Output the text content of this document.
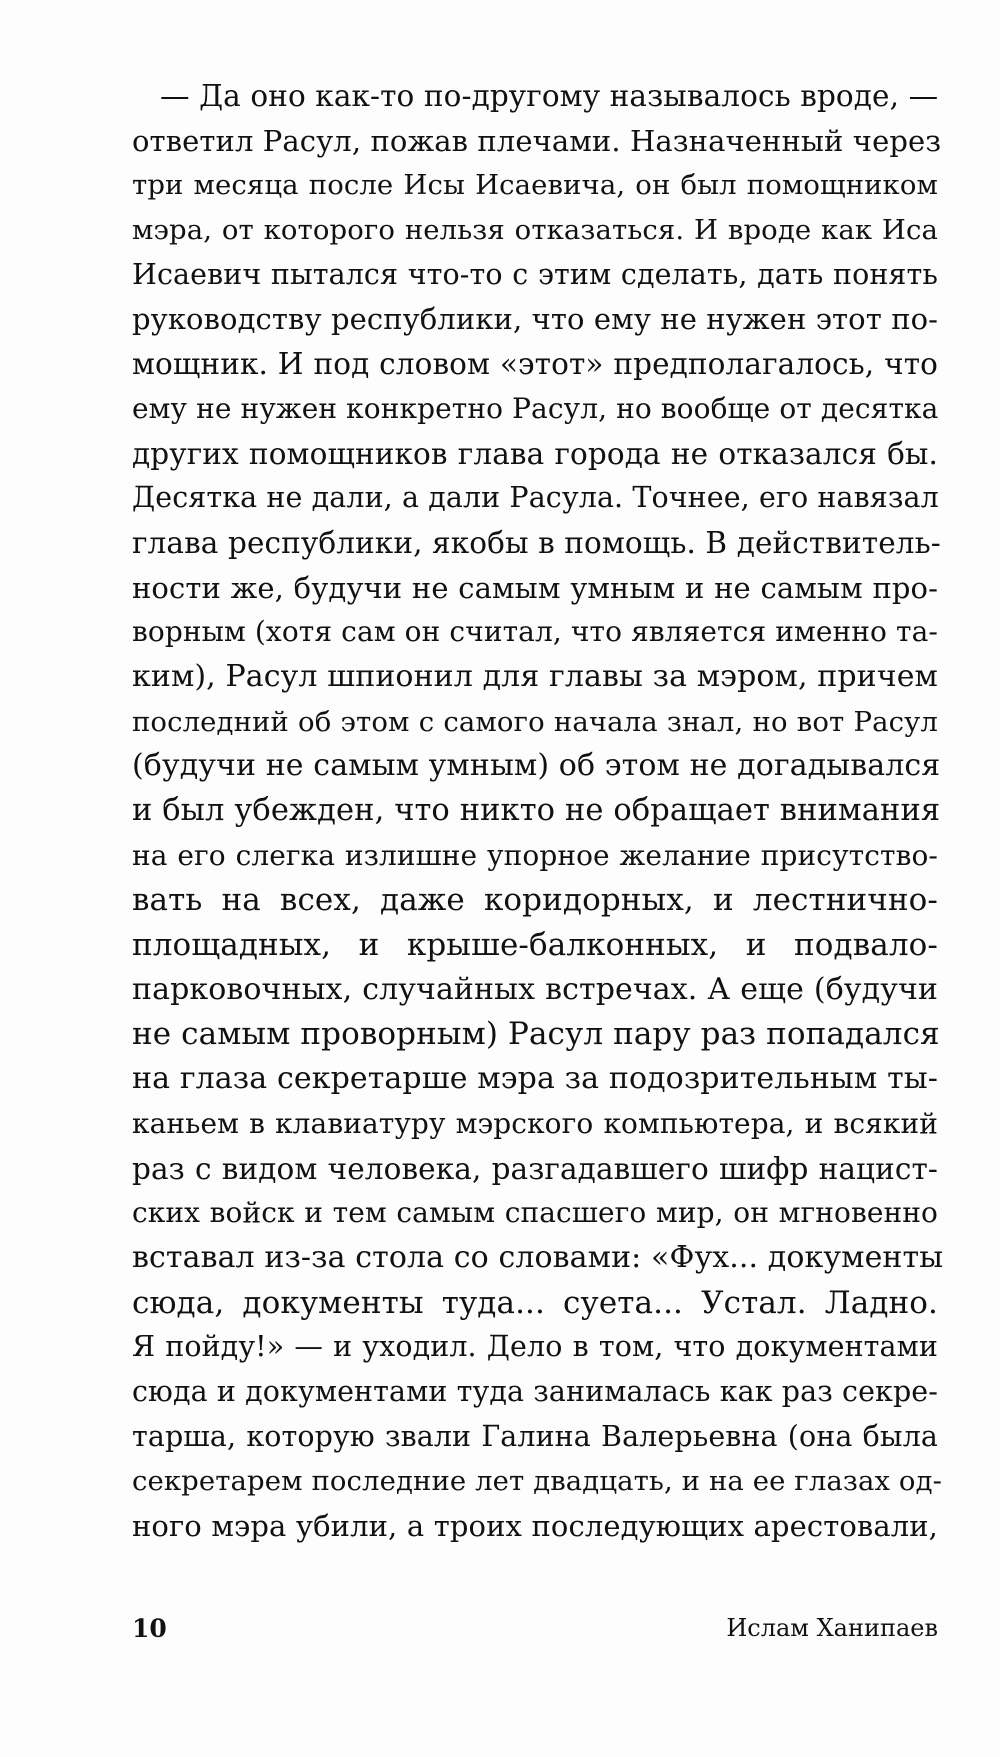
— Да оно как-то по-другому называлось вроде, —
ответил Расул, пожав плечами. Назначенный через
три месяца после Исы Исаевича, он был помощником
мэра, от которого нельзя отказаться. И вроде как Иса
Исаевич пытался что-то с этим сделать, дать понять
руководству республики, что ему не нужен этот по-
мощник. И под словом «этот» предполагалось, что
ему не нужен конкретно Расул, но вообще от десятка
других помощников глава города не отказался бы.
Десятка не дали, а дали Расула. Точнее, его навязал
глава республики, якобы в помощь. В действитель-
ности же, будучи не самым умным и не самым про-
ворным (хотя сам он считал, что является именно та-
ким), Расул шпионил для главы за мэром, причем
последний об этом с самого начала знал, но вот Расул
(будучи не самым умным) об этом не догадывался
и был убежден, что никто не обращает внимания
на его слегка излишне упорное желание присутство-
вать на всех, даже коридорных, и лестнично-
площадных, и крыше-балконных, и подвало-
парковочных, случайных встречах. А еще (будучи
не самым проворным) Расул пару раз попадался
на глаза секретарше мэра за подозрительным ты-
каньем в клавиатуру мэрского компьютера, и всякий
раз с видом человека, разгадавшего шифр нацист-
ских войск и тем самым спасшего мир, он мгновенно
вставал из-за стола со словами: «Фух... документы
сюда, документы туда... суета... Устал. Ладно.
Я пойду!» — и уходил. Дело в том, что документами
сюда и документами туда занималась как раз секре-
тарша, которую звали Галина Валерьевна (она была
секретарем последние лет двадцать, и на ее глазах од-
ного мэра убили, а троих последующих арестовали,
10	Ислам Ханипаев
